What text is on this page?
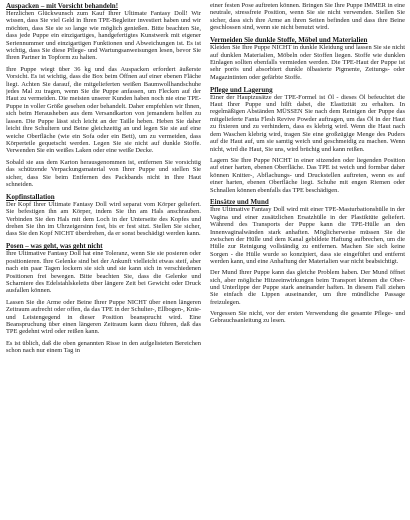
Auspacken – mit Vorsicht behandeln!

Herzlichen Glückwunsch zum Kauf Ihrer Ultimate Fantasy Doll! Wir wissen, dass Sie viel Geld in Ihren TPE-Begleiter investiert haben und wir möchten, dass Sie sie so lange wie möglich genießen. Bitte beachten Sie, dass jede Puppe ein einzigartiges, handgefertigtes Kunstwerk mit eigener Seriennummer und einzigartigen Funktionen und Abweichungen ist. Es ist wichtig, dass Sie diese Pflege- und Wartungsanweisungen lesen, bevor Sie Ihren Partner in Topform zu halten.

Ihre Puppe wiegt über 36 kg und das Auspacken erfordert äußerste Vorsicht. Es ist wichtig, dass die Box beim Öffnen auf einer ebenen Fläche liegt. Achten Sie darauf, die mitgelieferten weißen Baumwollhandschuhe jedes Mal zu tragen, wenn Sie die Puppe anfassen, um Flecken auf der Haut zu vermeiden. Die meisten unserer Kunden haben noch nie eine TPE-Puppe in voller Größe gesehen oder behandelt. Daher empfehlen wir Ihnen, sich beim Herausheben aus dem Versandkarton von jemandem helfen zu lassen. Die Puppe lässt sich leicht an der Taille heben. Heben Sie daher leicht ihre Schultern und Beine gleichzeitig an und legen Sie sie auf eine weiche Oberfläche (wie ein Sofa oder ein Bett), um zu vermeiden, dass Körperteile gequetscht werden. Legen Sie sie nicht auf dunkle Stoffe. Verwenden Sie ein weißes Laken oder eine weiße Decke.

Sobald sie aus dem Karton herausgenommen ist, entfernen Sie vorsichtig das schützende Verpackungsmaterial von Ihrer Puppe und stellen Sie sicher, dass Sie beim Entfernen des Packbands nicht in Ihre Haut schneiden.

Kopfinstallation

Der Kopf Ihrer Ultimate Fantasy Doll wird separat vom Körper geliefert. Sie befestigen ihn am Körper, indem Sie ihn am Hals anschrauben. Verbinden Sie den Hals mit dem Loch in der Unterseite des Kopfes und drehen Sie ihn im Uhrzeigersinn fest, bis er fest sitzt. Stellen Sie sicher, dass Sie den Kopf NICHT überdrehen, da er sonst beschädigt werden kann.

Posen – was geht, was geht nicht

Ihre Ultimative Fantasy Doll hat eine Toleranz, wenn Sie sie posieren oder positionieren. Ihre Gelenke sind bei der Ankunft vielleicht etwas steif, aber nach ein paar Tagen lockern sie sich und sie kann sich in verschiedenen Positionen frei bewegen. Bitte beachten Sie, dass die Gelenke und Scharniere des Edelstahlskeletts über längere Zeit bei Gewicht oder Druck ausfallen können.

Lassen Sie die Arme oder Beine Ihrer Puppe NICHT über einen längeren Zeitraum aufrecht oder offen, da das TPE in der Schulter-, Ellbogen-, Knie- und Leistengegend in dieser Position beansprucht wird. Eine Beanspruchung über einen längeren Zeitraum kann dazu führen, daß das TPE gedehnt wird oder reißen kann.

Es ist üblich, daß die oben genannten Risse in den aufgelisteten Bereichen schon nach nur einem Tag in

einer festen Pose auftreten können. Bringen Sie Ihre Puppe IMMER in eine neutrale, stressfreie Position, wenn Sie sie nicht verwenden. Stellen Sie sicher, dass sich ihre Arme an ihren Seiten befinden und dass ihre Beine geschlossen sind, wenn sie nicht benutzt wird.

Vermeiden Sie dunkle Stoffe, Möbel und Materialien

Kleiden Sie Ihre Puppe NICHT in dunkle Kleidung und lassen Sie sie nicht auf dunklen Materialien, Möbeln oder Stoffen liegen. Stoffe wie dunklen Einlagen sollten ebenfalls vermieden werden. Die TPE-Haut der Puppe ist sehr porös und absorbiert dunkle ölbasierte Pigmente, Zeitungs- oder Magazintinten oder gefärbte Stoffe.

Pflege und Lagerung

Einer der Hauptzusätze der TPE-Formel ist Öl - dieses Öl befeuchtet die Haut Ihrer Puppe und hilft dabei, die Elastizität zu erhalten. In regelmäßigen Abständen MÜSSEN Sie nach dem Reinigen der Puppe das mitgelieferte Fanta Flesh Revive Powder auftragen, um das Öl in der Haut zu fixieren und zu verhindern, dass es klebrig wird. Wenn die Haut nach dem Waschen klebrig wird, tragen Sie eine großzügige Menge des Puders auf die Haut auf, um sie samtig weich und geschmeidig zu machen. Wenn nicht, wird die Haut, Sie uns, wird brüchig und kann reißen.

Lagern Sie Ihre Puppe NICHT in einer sitzenden oder liegenden Position auf einer harten, ebenen Oberfläche. Das TPE ist weich und formbar daher können Knitter-, Abflachungs- und Druckstellen auftreten, wenn es auf einer harten, ebenen Oberfläche liegt. Schuhe mit engen Riemen oder Schnallen können ebenfalls das TPE beschädigen.

Einsätze und Mund

Ihre Ultimative Fantasy Doll wird mit einer TPE-Masturbationshülle in der Vagina und einer zusätzlichen Ersatzhülle in der Plastiktüte geliefert. Während des Transports der Puppe kann die TPE-Hülle an den Innenvaginalwänden stark anhaften. Möglicherweise müssen Sie die zwischen der Hülle und dem Kanal gebildete Haftung aufbrechen, um die Hülle zur Reinigung vollständig zu entfernen. Machen Sie sich keine Sorgen - die Hülle wurde so konzipiert, dass sie eingeführt und entfernt werden kann, und eine Anhaftung der Materialien war nicht beabsichtigt.

Der Mund Ihrer Puppe kann das gleiche Problem haben. Der Mund öffnet sich, aber mögliche Hitzeeinwirkungen beim Transport können die Ober- und Unterlippe der Puppe stark aneinander haften. In diesem Fall ziehen Sie einfach die Lippen auseinander, um ihre mündliche Passage freizulegen.

Vergessen Sie nicht, vor der ersten Verwendung die gesamte Pflege- und Gebrauchsanleitung zu lesen.
